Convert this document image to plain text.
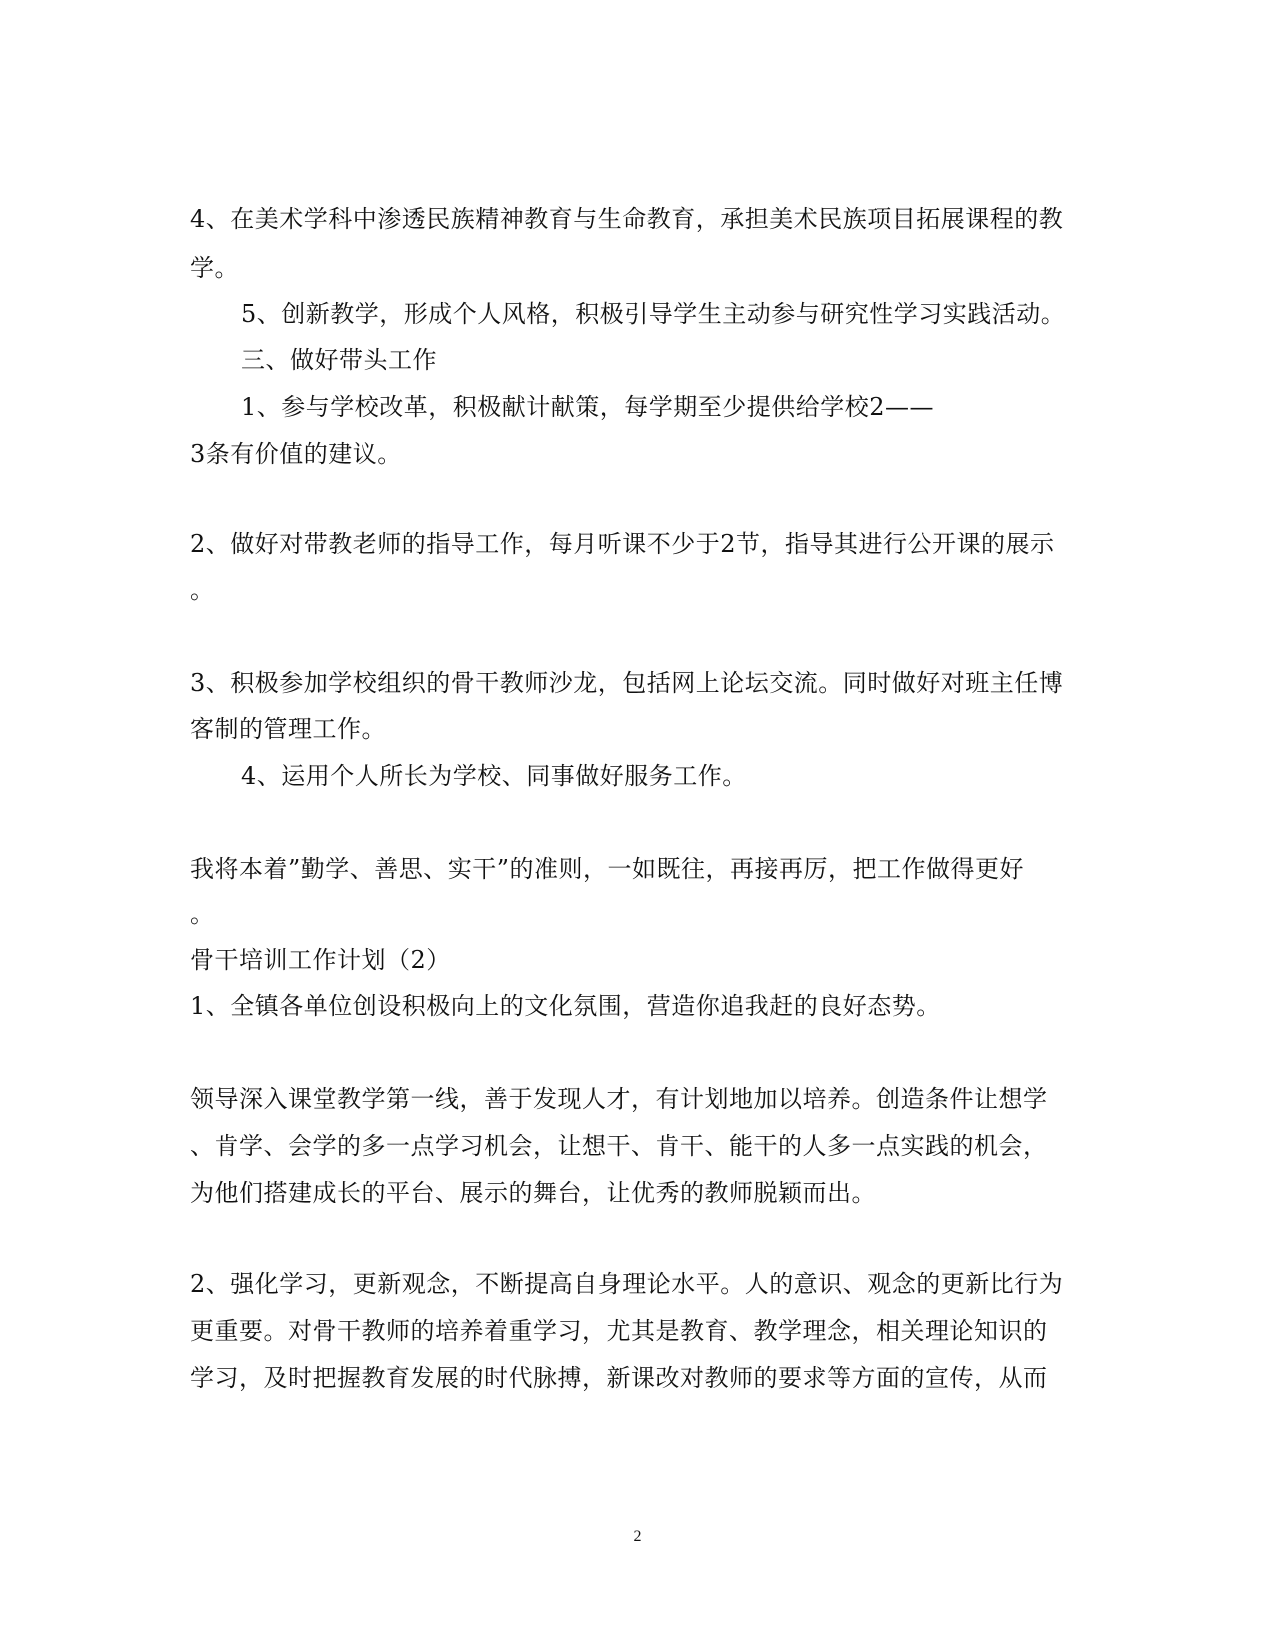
4、在美术学科中渗透民族精神教育与生命教育，承担美术民族项目拓展课程的教
学。
5、创新教学，形成个人风格，积极引导学生主动参与研究性学习实践活动。
三、做好带头工作
1、参与学校改革，积极献计献策，每学期至少提供给学校2——
3条有价值的建议。
2、做好对带教老师的指导工作，每月听课不少于2节，指导其进行公开课的展示
。
3、积极参加学校组织的骨干教师沙龙，包括网上论坛交流。同时做好对班主任博
客制的管理工作。
4、运用个人所长为学校、同事做好服务工作。
我将本着”勤学、善思、实干”的准则，一如既往，再接再厉，把工作做得更好
。
骨干培训工作计划（2）
1、全镇各单位创设积极向上的文化氛围，营造你追我赶的良好态势。
领导深入课堂教学第一线，善于发现人才，有计划地加以培养。创造条件让想学
、肯学、会学的多一点学习机会，让想干、肯干、能干的人多一点实践的机会，
为他们搭建成长的平台、展示的舞台，让优秀的教师脱颖而出。
2、强化学习，更新观念，不断提高自身理论水平。人的意识、观念的更新比行为
更重要。对骨干教师的培养着重学习，尤其是教育、教学理念，相关理论知识的
学习，及时把握教育发展的时代脉搏，新课改对教师的要求等方面的宣传，从而
2
